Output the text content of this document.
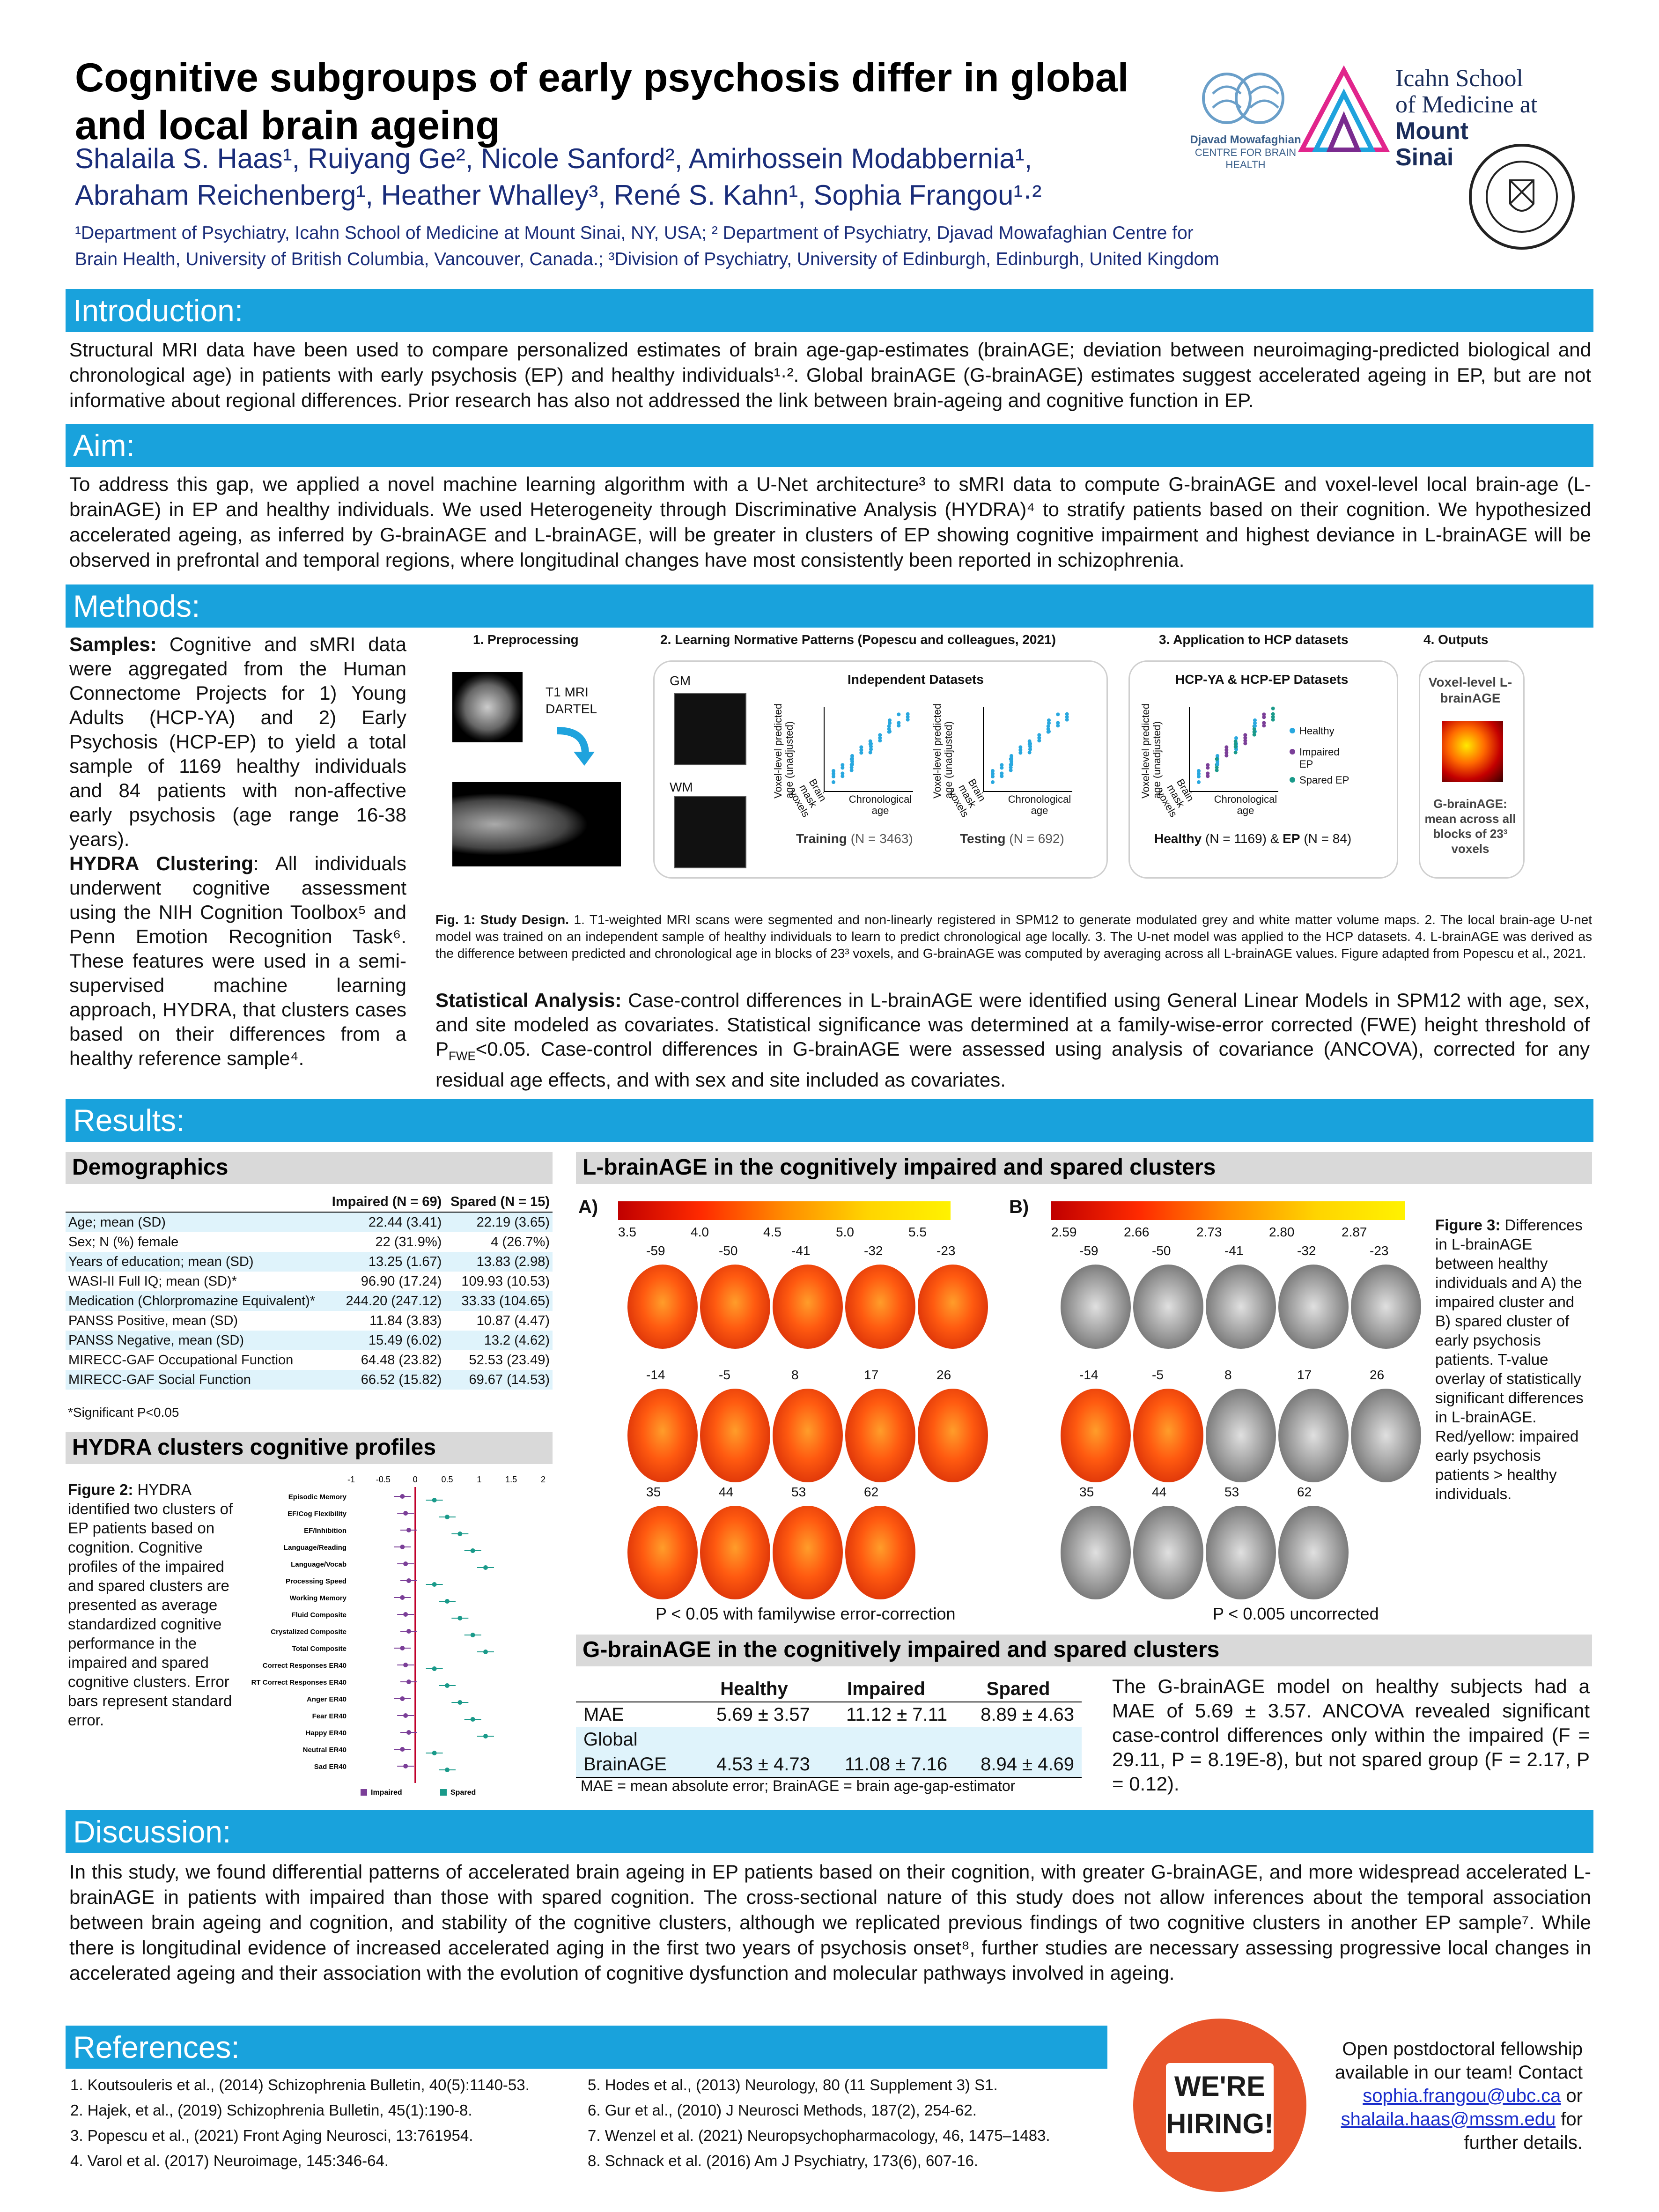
Cognitive subgroups of early psychosis differ in global and local brain ageing
Shalaila S. Haas¹, Ruiyang Ge², Nicole Sanford², Amirhossein Modabbernia¹,
Abraham Reichenberg¹, Heather Whalley³, René S. Kahn¹, Sophia Frangou¹·²
¹Department of Psychiatry, Icahn School of Medicine at Mount Sinai, NY, USA; ² Department of Psychiatry, Djavad Mowafaghian Centre for
Brain Health, University of British Columbia, Vancouver, Canada.; ³Division of Psychiatry, University of Edinburgh, Edinburgh, United Kingdom
Djavad Mowafaghian
CENTRE FOR BRAIN HEALTH
Icahn School
of Medicine at
Mount
Sinai
Introduction:
Structural MRI data have been used to compare personalized estimates of brain age-gap-estimates (brainAGE; deviation between neuroimaging-predicted biological and chronological age) in patients with early psychosis (EP) and healthy individuals¹·². Global brainAGE (G-brainAGE) estimates suggest accelerated ageing in EP, but are not informative about regional differences. Prior research has also not addressed the link between brain-ageing and cognitive function in EP.
Aim:
To address this gap, we applied a novel machine learning algorithm with a U-Net architecture³ to sMRI data to compute G-brainAGE and voxel-level local brain-age (L-brainAGE) in EP and healthy individuals. We used Heterogeneity through Discriminative Analysis (HYDRA)⁴ to stratify patients based on their cognition. We hypothesized accelerated ageing, as inferred by G-brainAGE and L-brainAGE, will be greater in clusters of EP showing cognitive impairment and highest deviance in L-brainAGE will be observed in prefrontal and temporal regions, where longitudinal changes have most consistently been reported in schizophrenia.
Methods:
Samples: Cognitive and sMRI data were aggregated from the Human Connectome Projects for 1) Young Adults (HCP-YA) and 2) Early Psychosis (HCP-EP) to yield a total sample of 1169 healthy individuals and 84 patients with non-affective early psychosis (age range 16-38 years).
HYDRA Clustering: All individuals underwent cognitive assessment using the NIH Cognition Toolbox⁵ and Penn Emotion Recognition Task⁶. These features were used in a semi-supervised machine learning approach, HYDRA, that clusters cases based on their differences from a healthy reference sample⁴.
1. Preprocessing	2. Learning Normative Patterns (Popescu and colleagues, 2021)	3. Application to HCP datasets	4. Outputs
T1 MRI DARTEL
GM
WM
Independent Datasets
Voxel-level predicted age (unadjusted)	Voxel-level predicted age (unadjusted)
Chronological age
Chronological age
Brain mask voxels	Brain mask voxels
Training (N = 3463)	Testing (N = 692)
HCP-YA & HCP-EP Datasets
Voxel-level predicted age (unadjusted)
Chronological age
Brain mask voxels
Healthy
Impaired EP
Spared EP
Healthy (N = 1169) & EP (N = 84)
Voxel-level L-brainAGE
G-brainAGE: mean across all blocks of 23³ voxels
Fig. 1: Study Design. 1. T1-weighted MRI scans were segmented and non-linearly registered in SPM12 to generate modulated grey and white matter volume maps. 2. The local brain-age U-net model was trained on an independent sample of healthy individuals to learn to predict chronological age locally. 3. The U-net model was applied to the HCP datasets. 4. L-brainAGE was derived as the difference between predicted and chronological age in blocks of 23³ voxels, and G-brainAGE was computed by averaging across all L-brainAGE values. Figure adapted from Popescu et al., 2021.
Statistical Analysis: Case-control differences in L-brainAGE were identified using General Linear Models in SPM12 with age, sex, and site modeled as covariates. Statistical significance was determined at a family-wise-error corrected (FWE) height threshold of $P_{FWE}<0.05$. Case-control differences in G-brainAGE were assessed using analysis of covariance (ANCOVA), corrected for any residual age effects, and with sex and site included as covariates.
Results:
Demographics
	Impaired (N = 69)	Spared (N = 15)
Age; mean (SD)	22.44 (3.41)	22.19 (3.65)
Sex; N (%) female	22 (31.9%)	4 (26.7%)
Years of education; mean (SD)	13.25 (1.67)	13.83 (2.98)
WASI-II Full IQ; mean (SD)*	96.90 (17.24)	109.93 (10.53)
Medication (Chlorpromazine Equivalent)*	244.20 (247.12)	33.33 (104.65)
PANSS Positive, mean (SD)	11.84 (3.83)	10.87 (4.47)
PANSS Negative, mean (SD)	15.49 (6.02)	13.2 (4.62)
MIRECC-GAF Occupational Function	64.48 (23.82)	52.53 (23.49)
MIRECC-GAF Social Function	66.52 (15.82)	69.67 (14.53)
*Significant P<0.05
HYDRA clusters cognitive profiles
Figure 2: HYDRA identified two clusters of EP patients based on cognition. Cognitive profiles of the impaired and spared clusters are presented as average standardized cognitive performance in the impaired and spared cognitive clusters. Error bars represent standard error.
-1 -0.5	0	0.5	1	1.5	2
Episodic Memory
EF/Cog Flexibility
EF/Inhibition
Language/Reading
Language/Vocab
Processing Speed
Working Memory
Fluid Composite
Crystalized Composite
Total Composite
Correct Responses ER40
RT Correct Responses ER40
Anger ER40
Fear ER40
Happy ER40
Neutral ER40
Sad ER40
Impaired	Spared
L-brainAGE in the cognitively impaired and spared clusters
A)	B)
3.5	4.0	4.5	5.0	5.5
-59	-50	-41	-32	-23
-14	-5	8	17	26
35	44	53	62
2.59	2.66	2.73	2.80	2.87
-59	-50	-41	-32	-23
-14	-5	8	17	26
35	44	53	62
P < 0.05 with familywise error-correction	P < 0.005 uncorrected
Figure 3: Differences in L-brainAGE between healthy individuals and A) the impaired cluster and B) spared cluster of early psychosis patients. T-value overlay of statistically significant differences in L-brainAGE. Red/yellow: impaired early psychosis patients > healthy individuals.
G-brainAGE in the cognitively impaired and spared clusters
	Healthy	Impaired	Spared
MAE	5.69 ± 3.57	11.12 ± 7.11	8.89 ± 4.63
Global			
BrainAGE	4.53 ± 4.73	11.08 ± 7.16	8.94 ± 4.69
MAE = mean absolute error; BrainAGE = brain age-gap-estimator
The G-brainAGE model on healthy subjects had a MAE of 5.69 ± 3.57. ANCOVA revealed significant case-control differences only within the impaired (F = 29.11, P = 8.19E-8), but not spared group (F = 2.17, P = 0.12).
Discussion:
In this study, we found differential patterns of accelerated brain ageing in EP patients based on their cognition, with greater G-brainAGE, and more widespread accelerated L-brainAGE in patients with impaired than those with spared cognition. The cross-sectional nature of this study does not allow inferences about the temporal association between brain ageing and cognition, and stability of the cognitive clusters, although we replicated previous findings of two cognitive clusters in another EP sample⁷. While there is longitudinal evidence of increased accelerated aging in the first two years of psychosis onset⁸, further studies are necessary assessing progressive local changes in accelerated ageing and their association with the evolution of cognitive dysfunction and molecular pathways involved in ageing.
References:
1. Koutsouleris et al., (2014) Schizophrenia Bulletin, 40(5):1140-53.
2. Hajek, et al., (2019) Schizophrenia Bulletin, 45(1):190-8.
3. Popescu et al., (2021) Front Aging Neurosci, 13:761954.
4. Varol et al. (2017) Neuroimage, 145:346-64.
5. Hodes et al., (2013) Neurology, 80 (11 Supplement 3) S1.
6. Gur et al., (2010) J Neurosci Methods, 187(2), 254-62.
7. Wenzel et al. (2021) Neuropsychopharmacology, 46, 1475–1483.
8. Schnack et al. (2016) Am J Psychiatry, 173(6), 607-16.
WE'RE
HIRING!
Open postdoctoral fellowship available in our team! Contact sophia.frangou@ubc.ca or shalaila.haas@mssm.edu for further details.
